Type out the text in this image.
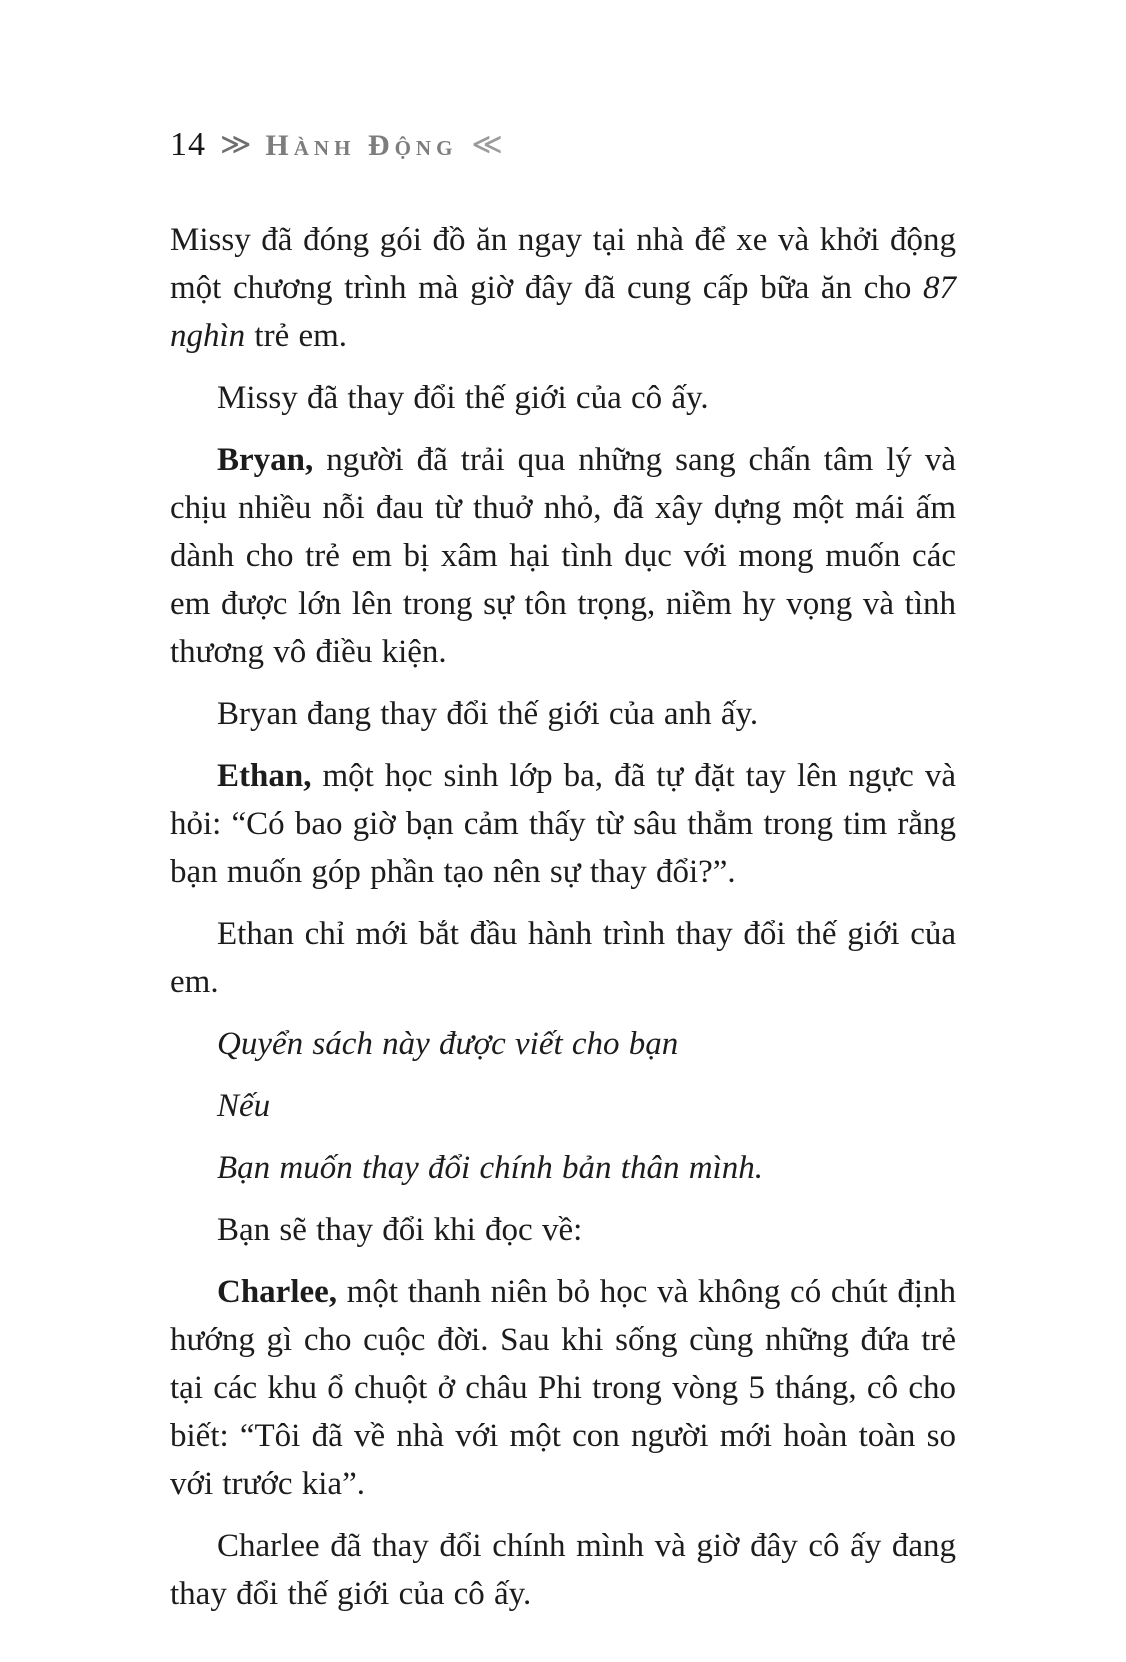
14 ≫ Hành Động ≪

Missy đã đóng gói đồ ăn ngay tại nhà để xe và khởi động một chương trình mà giờ đây đã cung cấp bữa ăn cho 87 nghìn trẻ em.

Missy đã thay đổi thế giới của cô ấy.

Bryan, người đã trải qua những sang chấn tâm lý và chịu nhiều nỗi đau từ thuở nhỏ, đã xây dựng một mái ấm dành cho trẻ em bị xâm hại tình dục với mong muốn các em được lớn lên trong sự tôn trọng, niềm hy vọng và tình thương vô điều kiện.

Bryan đang thay đổi thế giới của anh ấy.

Ethan, một học sinh lớp ba, đã tự đặt tay lên ngực và hỏi: “Có bao giờ bạn cảm thấy từ sâu thẳm trong tim rằng bạn muốn góp phần tạo nên sự thay đổi?”.

Ethan chỉ mới bắt đầu hành trình thay đổi thế giới của em.

Quyển sách này được viết cho bạn

Nếu

Bạn muốn thay đổi chính bản thân mình.

Bạn sẽ thay đổi khi đọc về:

Charlee, một thanh niên bỏ học và không có chút định hướng gì cho cuộc đời. Sau khi sống cùng những đứa trẻ tại các khu ổ chuột ở châu Phi trong vòng 5 tháng, cô cho biết: “Tôi đã về nhà với một con người mới hoàn toàn so với trước kia”.

Charlee đã thay đổi chính mình và giờ đây cô ấy đang thay đổi thế giới của cô ấy.
